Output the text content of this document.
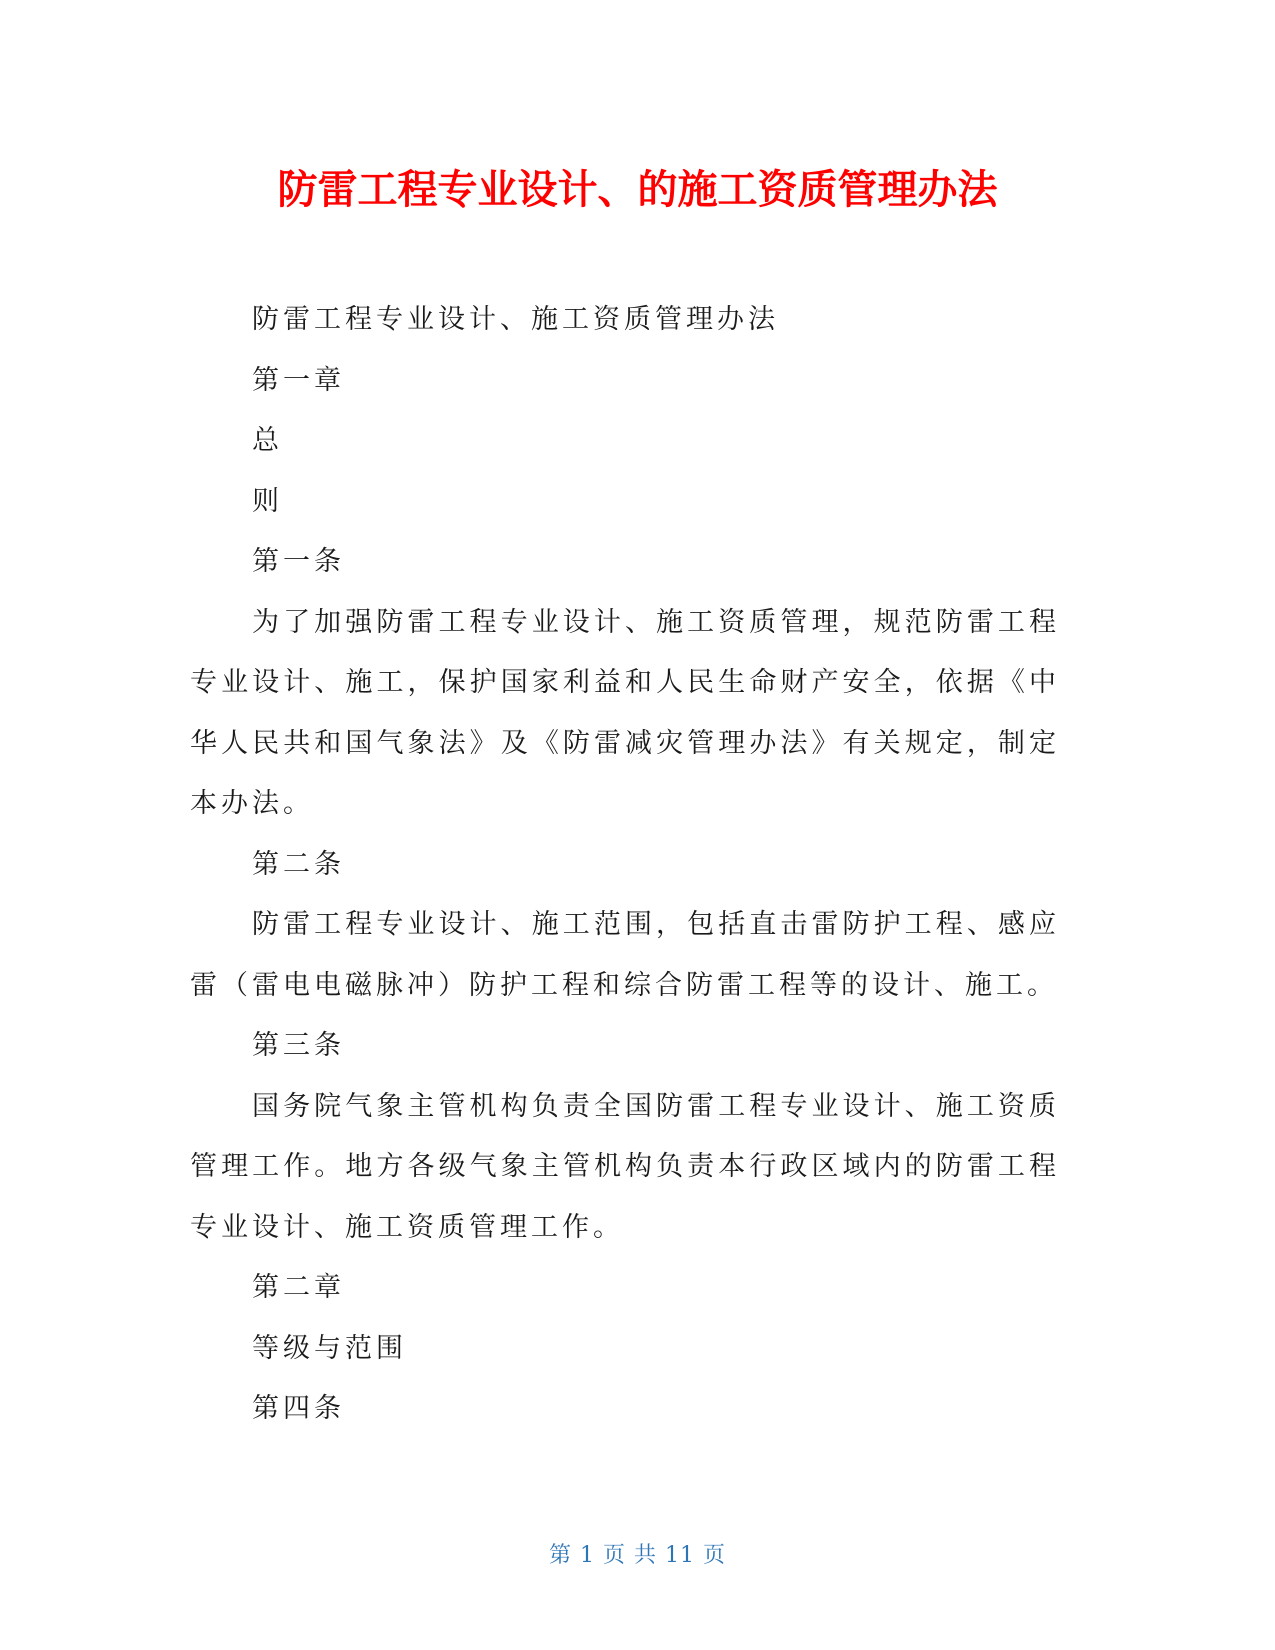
防雷工程专业设计、的施工资质管理办法

防雷工程专业设计、施工资质管理办法

第一章

总

则

第一条

为了加强防雷工程专业设计、施工资质管理，规范防雷工程专业设计、施工，保护国家利益和人民生命财产安全，依据《中华人民共和国气象法》及《防雷减灾管理办法》有关规定，制定本办法。

第二条

防雷工程专业设计、施工范围，包括直击雷防护工程、感应雷（雷电电磁脉冲）防护工程和综合防雷工程等的设计、施工。

第三条

国务院气象主管机构负责全国防雷工程专业设计、施工资质管理工作。地方各级气象主管机构负责本行政区域内的防雷工程专业设计、施工资质管理工作。

第二章

等级与范围

第四条

第 1 页 共 11 页
